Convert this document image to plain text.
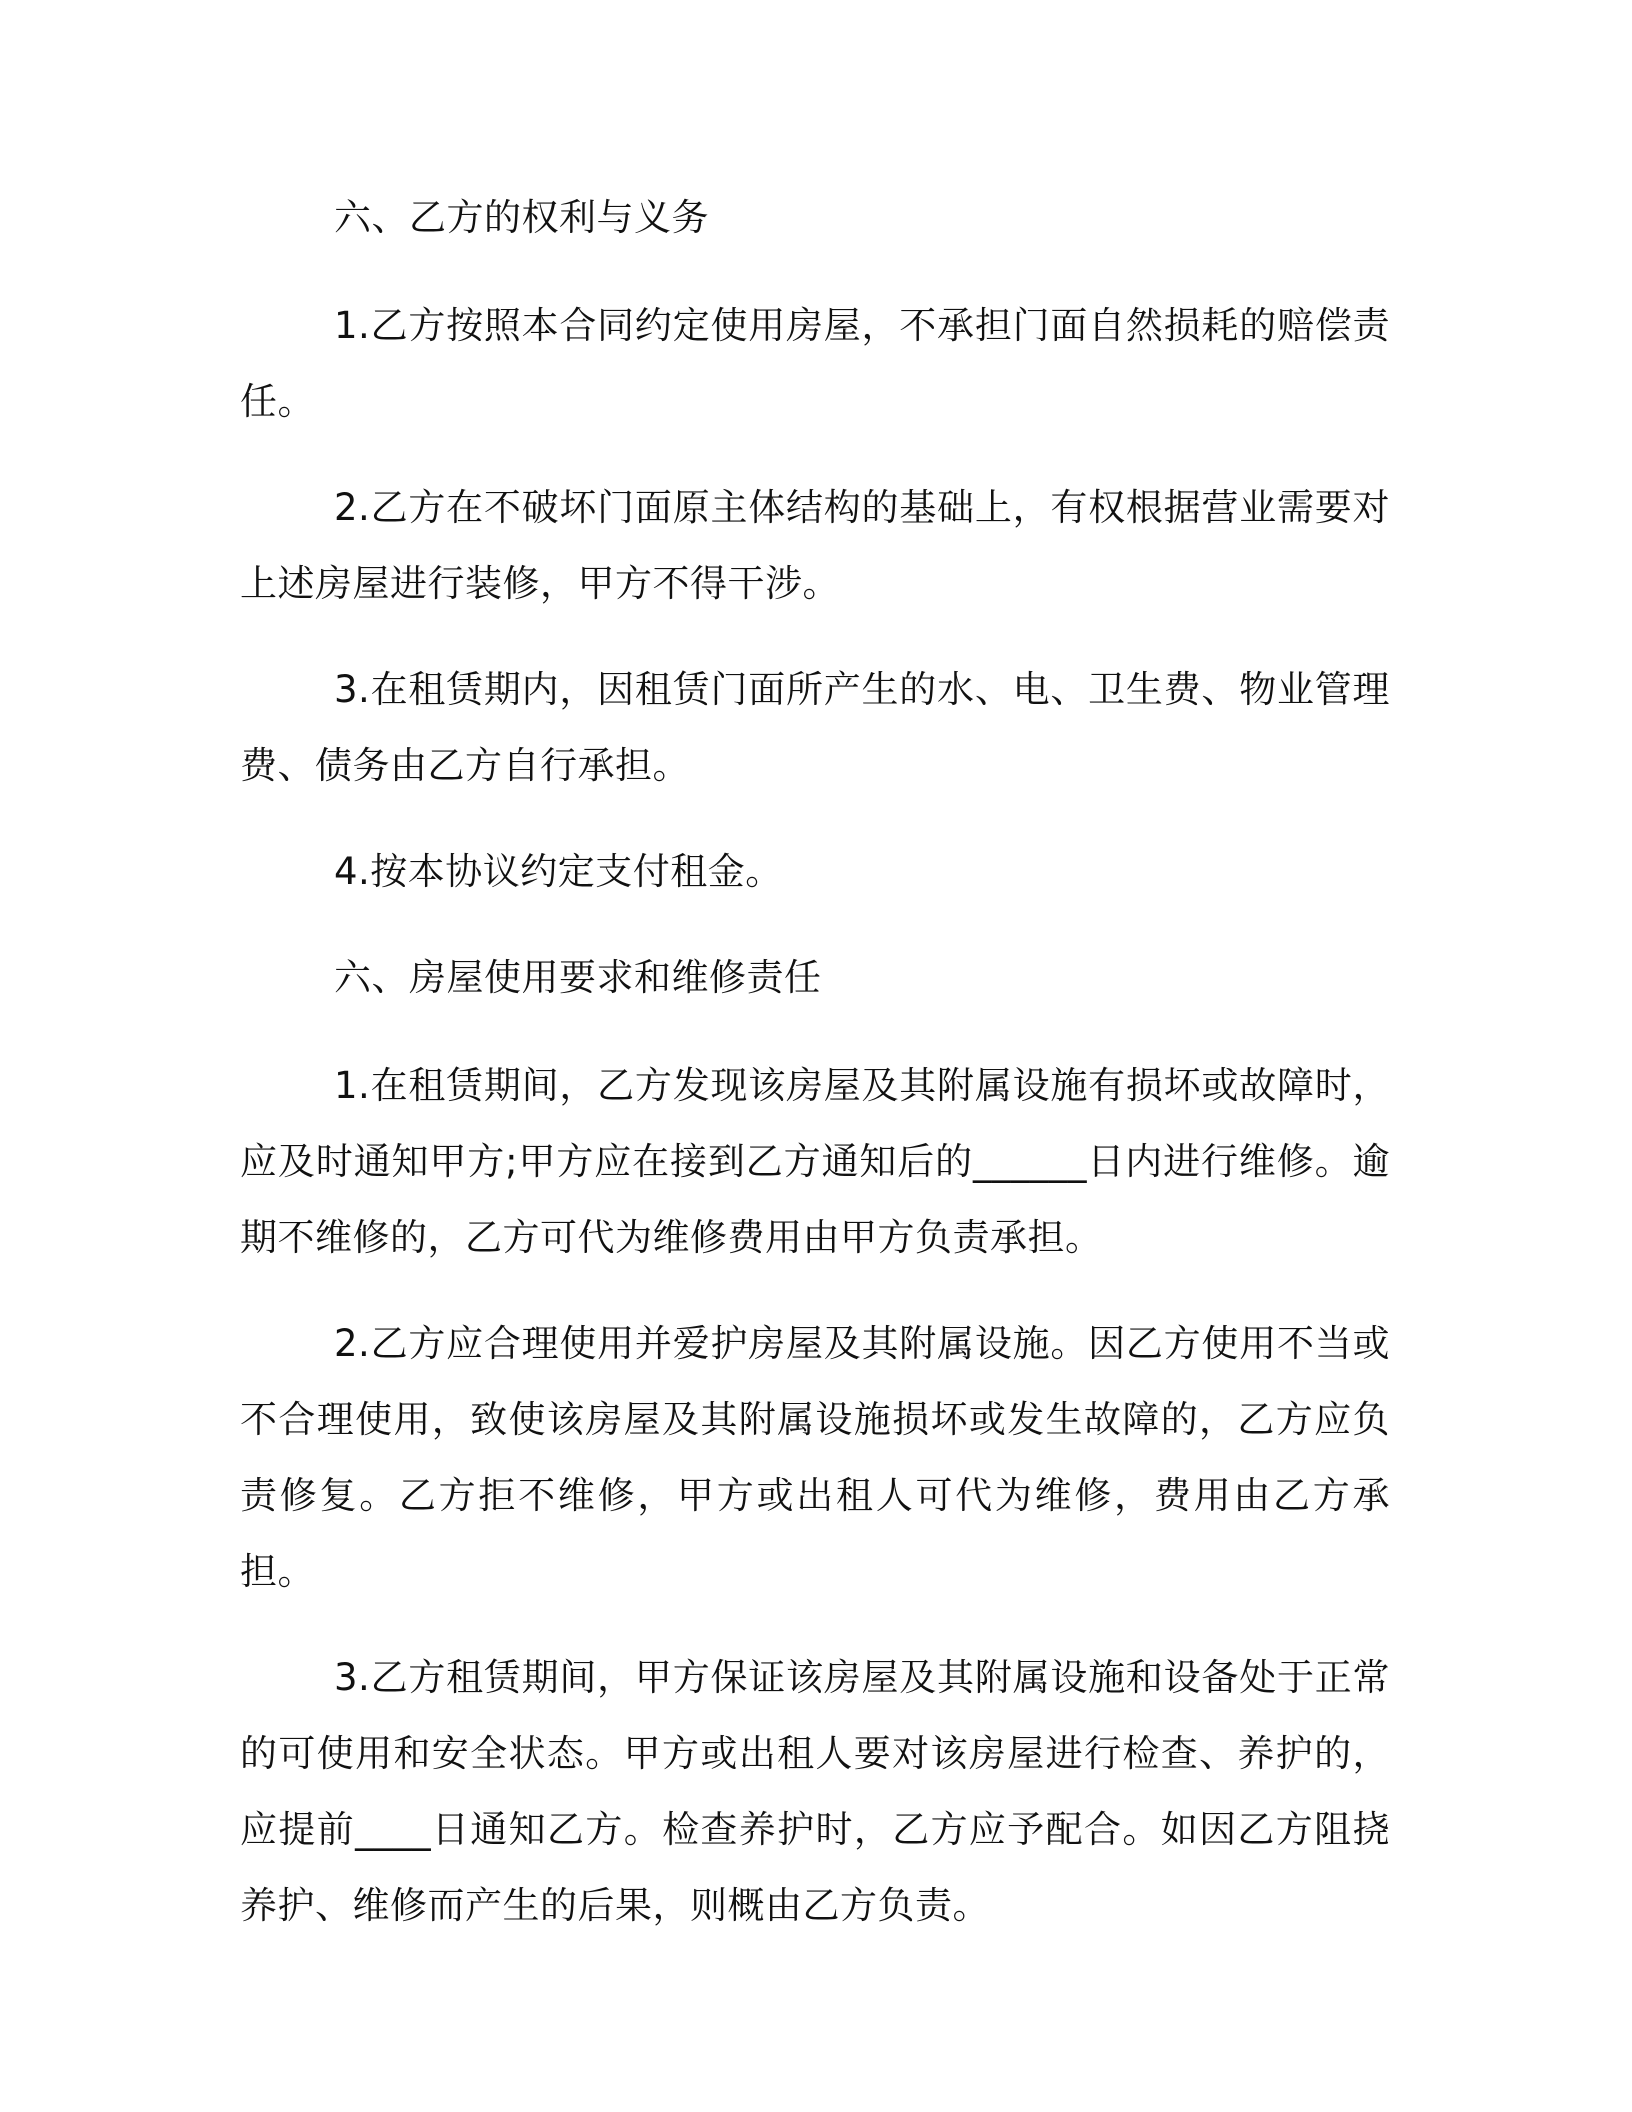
六、乙方的权利与义务

1.乙方按照本合同约定使用房屋，不承担门面自然损耗的赔偿责任。

2.乙方在不破坏门面原主体结构的基础上，有权根据营业需要对上述房屋进行装修，甲方不得干涉。

3.在租赁期内，因租赁门面所产生的水、电、卫生费、物业管理费、债务由乙方自行承担。

4.按本协议约定支付租金。

六、房屋使用要求和维修责任

1.在租赁期间，乙方发现该房屋及其附属设施有损坏或故障时，应及时通知甲方;甲方应在接到乙方通知后的______日内进行维修。逾期不维修的，乙方可代为维修费用由甲方负责承担。

2.乙方应合理使用并爱护房屋及其附属设施。因乙方使用不当或不合理使用，致使该房屋及其附属设施损坏或发生故障的，乙方应负责修复。乙方拒不维修，甲方或出租人可代为维修，费用由乙方承担。

3.乙方租赁期间，甲方保证该房屋及其附属设施和设备处于正常的可使用和安全状态。甲方或出租人要对该房屋进行检查、养护的，应提前____日通知乙方。检查养护时，乙方应予配合。如因乙方阻挠养护、维修而产生的后果，则概由乙方负责。
